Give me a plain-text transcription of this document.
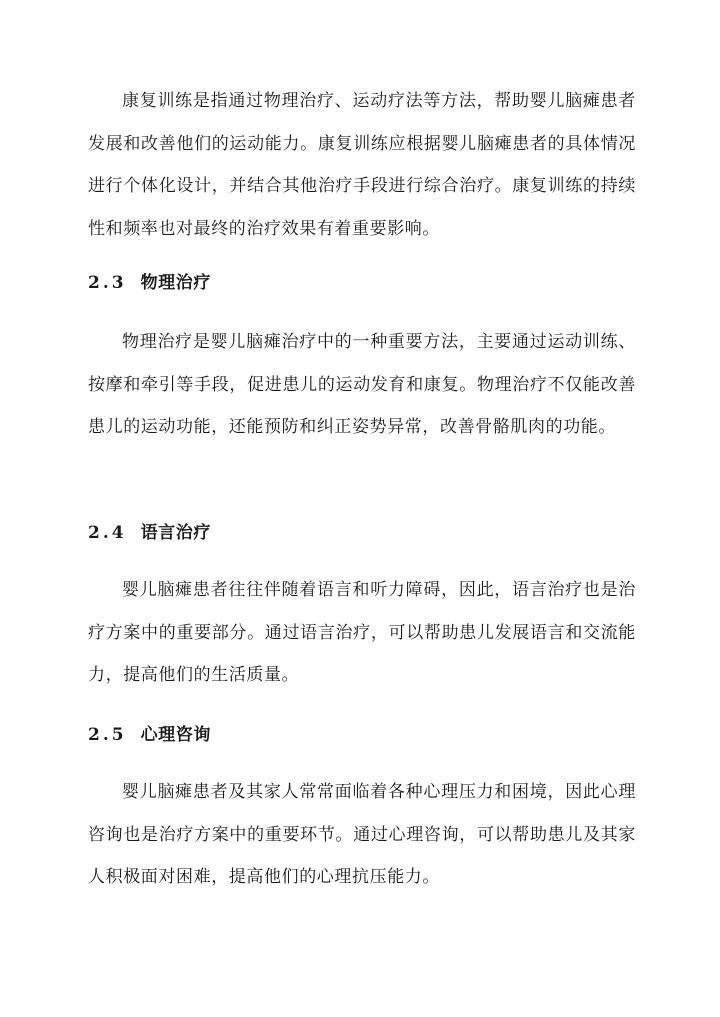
康复训练是指通过物理治疗、运动疗法等方法，帮助婴儿脑瘫患者发展和改善他们的运动能力。康复训练应根据婴儿脑瘫患者的具体情况进行个体化设计，并结合其他治疗手段进行综合治疗。康复训练的持续性和频率也对最终的治疗效果有着重要影响。

2.3 物理治疗

物理治疗是婴儿脑瘫治疗中的一种重要方法，主要通过运动训练、按摩和牵引等手段，促进患儿的运动发育和康复。物理治疗不仅能改善患儿的运动功能，还能预防和纠正姿势异常，改善骨骼肌肉的功能。

2.4 语言治疗

婴儿脑瘫患者往往伴随着语言和听力障碍，因此，语言治疗也是治疗方案中的重要部分。通过语言治疗，可以帮助患儿发展语言和交流能力，提高他们的生活质量。

2.5 心理咨询

婴儿脑瘫患者及其家人常常面临着各种心理压力和困境，因此心理咨询也是治疗方案中的重要环节。通过心理咨询，可以帮助患儿及其家人积极面对困难，提高他们的心理抗压能力。
